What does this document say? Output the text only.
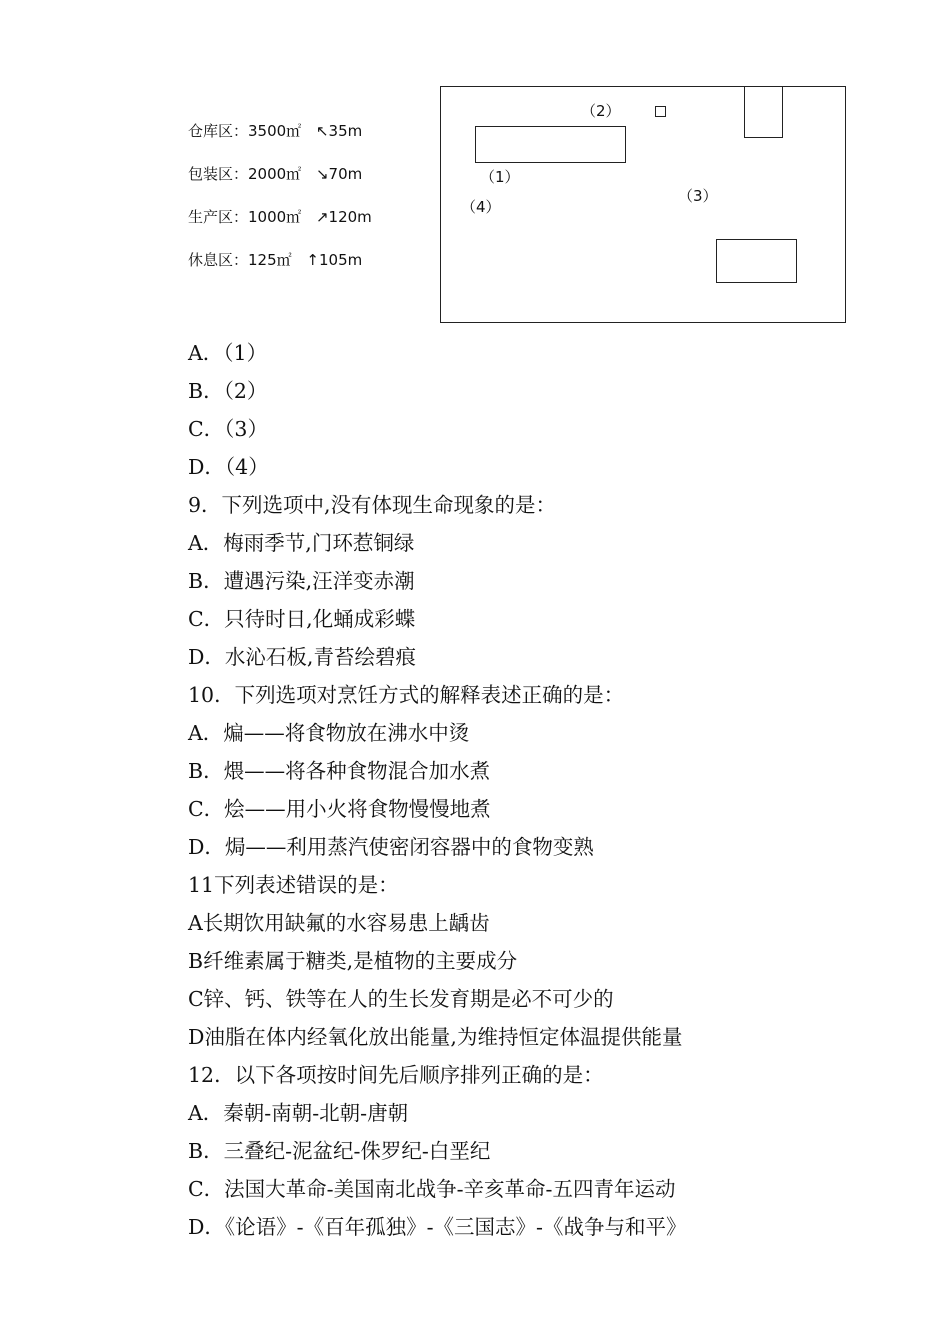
仓库区：3500㎡ ↖35m
包装区：2000㎡ ↘70m
生产区：1000㎡ ↗120m
休息区：125㎡ ↑105m
（2）
（1）
（4）
（3）
A．（1）
B．（2）
C．（3）
D．（4）
9．下列选项中,没有体现生命现象的是：
A．梅雨季节,门环惹铜绿
B．遭遇污染,汪洋变赤潮
C．只待时日,化蛹成彩蝶
D．水沁石板,青苔绘碧痕
10．下列选项对烹饪方式的解释表述正确的是：
A．煸——将食物放在沸水中烫
B．煨——将各种食物混合加水煮
C．烩——用小火将食物慢慢地煮
D．焗——利用蒸汽使密闭容器中的食物变熟
11下列表述错误的是：
A长期饮用缺氟的水容易患上龋齿
B纤维素属于糖类,是植物的主要成分
C锌、钙、铁等在人的生长发育期是必不可少的
D油脂在体内经氧化放出能量,为维持恒定体温提供能量
12．以下各项按时间先后顺序排列正确的是：
A．秦朝-南朝-北朝-唐朝
B．三叠纪-泥盆纪-侏罗纪-白垩纪
C．法国大革命-美国南北战争-辛亥革命-五四青年运动
D．《论语》-《百年孤独》-《三国志》-《战争与和平》
